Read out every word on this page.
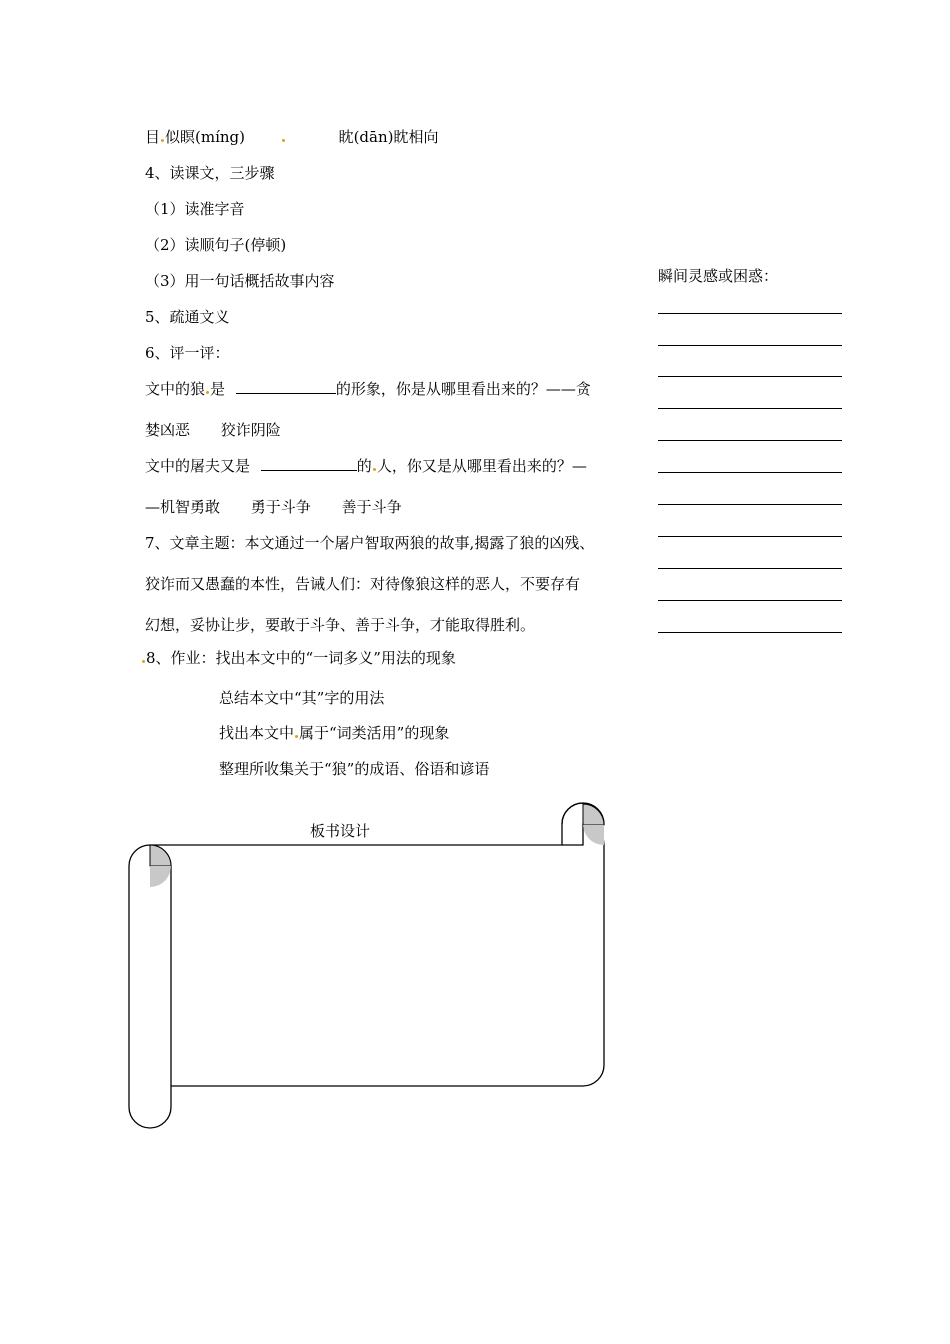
目 似瞑(míng)	眈(dān)眈相向
4、读课文，三步骤
（1）读准字音
（2）读顺句子(停顿)
（3）用一句话概括故事内容
5、疏通文义
6、评一评：
文中的狼 是	的形象，你是从哪里看出来的？——贪
婪凶恶 狡诈阴险
文中的屠夫又是	的 人，你又是从哪里看出来的？—
—机智勇敢 勇于斗争 善于斗争
7、文章主题：本文通过一个屠户智取两狼的故事,揭露了狼的凶残、
狡诈而又愚蠢的本性，告诫人们：对待像狼这样的恶人，不要存有
幻想，妥协让步，要敢于斗争、善于斗争，才能取得胜利。
8、作业：找出本文中的“一词多义”用法的现象
总结本文中“其”字的用法
找出本文中 属于“词类活用”的现象
整理所收集关于“狼”的成语、俗语和谚语
瞬间灵感或困惑：
板书设计
